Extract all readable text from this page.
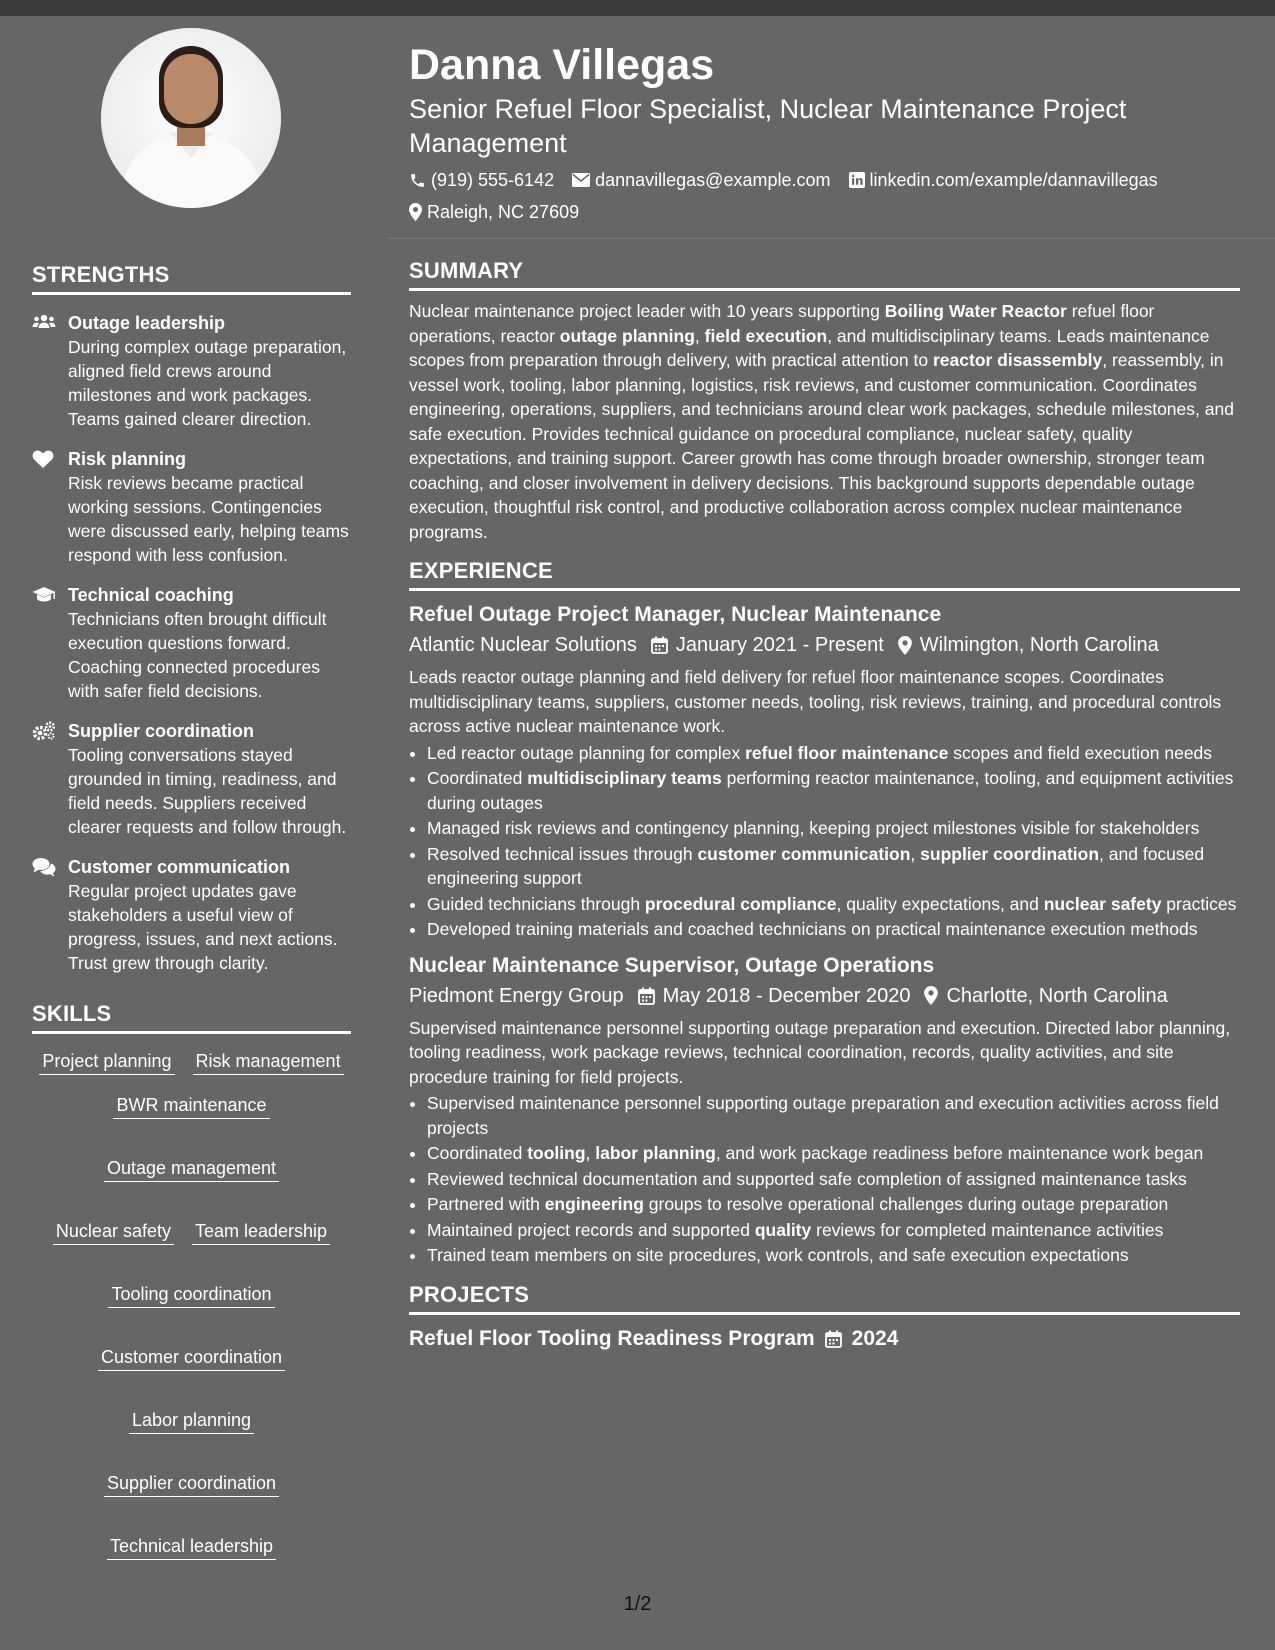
STRENGTHS
Outage leadership
During complex outage preparation, aligned field crews around milestones and work packages. Teams gained clearer direction.
Risk planning
Risk reviews became practical working sessions. Contingencies were discussed early, helping teams respond with less confusion.
Technical coaching
Technicians often brought difficult execution questions forward. Coaching connected procedures with safer field decisions.
Supplier coordination
Tooling conversations stayed grounded in timing, readiness, and field needs. Suppliers received clearer requests and follow through.
Customer communication
Regular project updates gave stakeholders a useful view of progress, issues, and next actions. Trust grew through clarity.
SKILLS
Project planning Risk management
BWR maintenance
Outage management
Nuclear safety Team leadership
Tooling coordination
Customer coordination
Labor planning
Supplier coordination
Technical leadership
Danna Villegas
Senior Refuel Floor Specialist, Nuclear Maintenance Project Management
(919) 555-6142 dannavillegas@example.com linkedin.com/example/dannavillegas
Raleigh, NC 27609
SUMMARY
Nuclear maintenance project leader with 10 years supporting Boiling Water Reactor refuel floor operations, reactor outage planning, field execution, and multidisciplinary teams. Leads maintenance scopes from preparation through delivery, with practical attention to reactor disassembly, reassembly, in vessel work, tooling, labor planning, logistics, risk reviews, and customer communication. Coordinates engineering, operations, suppliers, and technicians around clear work packages, schedule milestones, and safe execution. Provides technical guidance on procedural compliance, nuclear safety, quality expectations, and training support. Career growth has come through broader ownership, stronger team coaching, and closer involvement in delivery decisions. This background supports dependable outage execution, thoughtful risk control, and productive collaboration across complex nuclear maintenance programs.
EXPERIENCE
Refuel Outage Project Manager, Nuclear Maintenance
Atlantic Nuclear Solutions January 2021 - Present Wilmington, North Carolina
Leads reactor outage planning and field delivery for refuel floor maintenance scopes. Coordinates multidisciplinary teams, suppliers, customer needs, tooling, risk reviews, training, and procedural controls across active nuclear maintenance work.
• Led reactor outage planning for complex refuel floor maintenance scopes and field execution needs
• Coordinated multidisciplinary teams performing reactor maintenance, tooling, and equipment activities during outages
• Managed risk reviews and contingency planning, keeping project milestones visible for stakeholders
• Resolved technical issues through customer communication, supplier coordination, and focused engineering support
• Guided technicians through procedural compliance, quality expectations, and nuclear safety practices
• Developed training materials and coached technicians on practical maintenance execution methods
Nuclear Maintenance Supervisor, Outage Operations
Piedmont Energy Group May 2018 - December 2020 Charlotte, North Carolina
Supervised maintenance personnel supporting outage preparation and execution. Directed labor planning, tooling readiness, work package reviews, technical coordination, records, quality activities, and site procedure training for field projects.
• Supervised maintenance personnel supporting outage preparation and execution activities across field projects
• Coordinated tooling, labor planning, and work package readiness before maintenance work began
• Reviewed technical documentation and supported safe completion of assigned maintenance tasks
• Partnered with engineering groups to resolve operational challenges during outage preparation
• Maintained project records and supported quality reviews for completed maintenance activities
• Trained team members on site procedures, work controls, and safe execution expectations
PROJECTS
Refuel Floor Tooling Readiness Program 2024
1/2
